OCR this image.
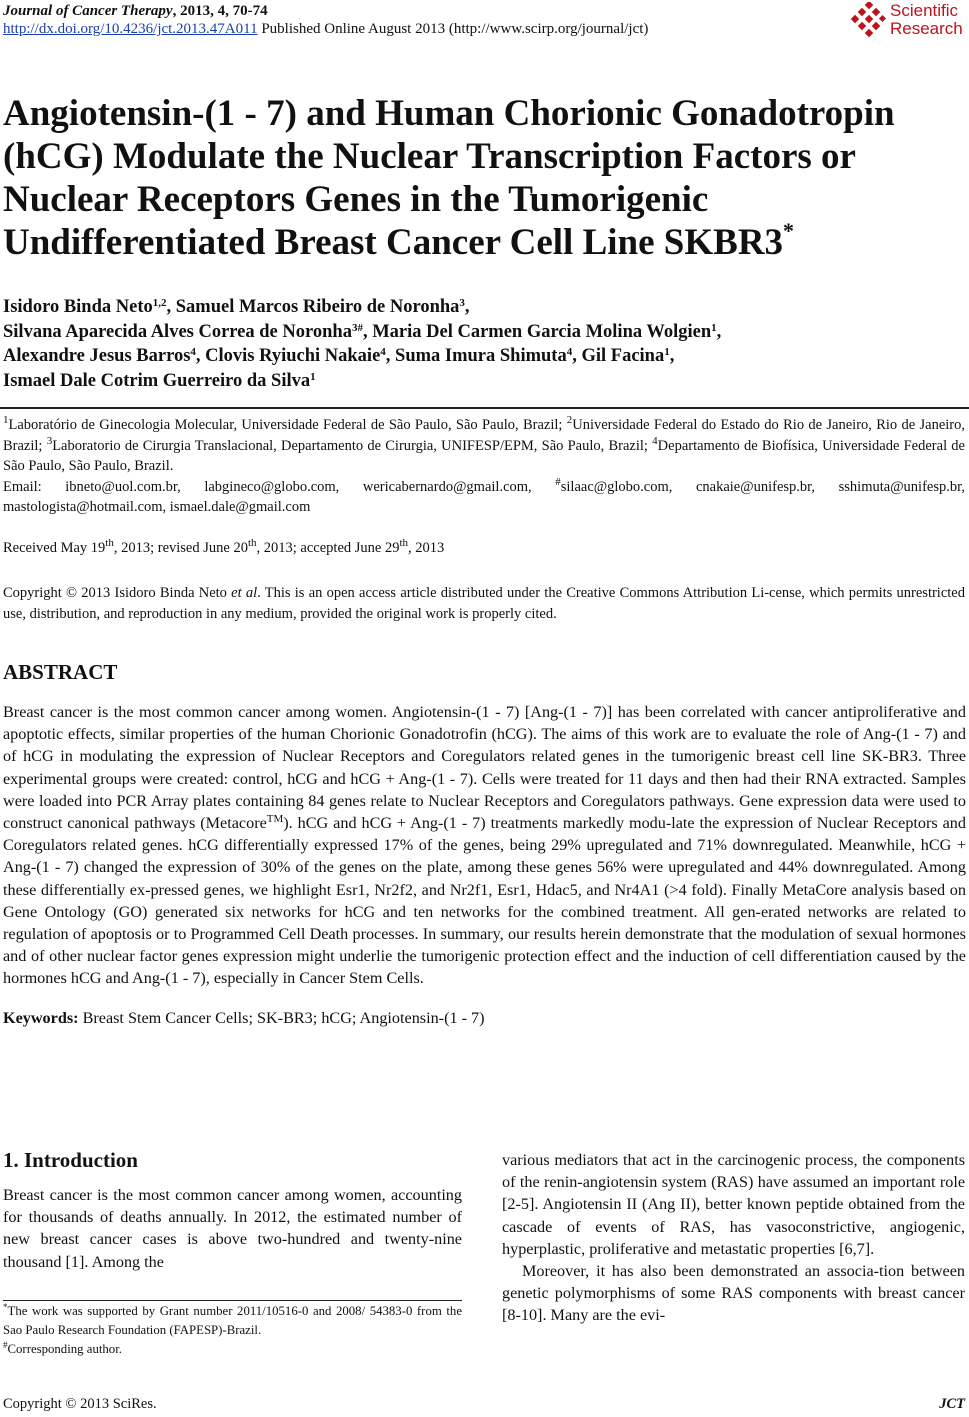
Journal of Cancer Therapy, 2013, 4, 70-74
http://dx.doi.org/10.4236/jct.2013.47A011 Published Online August 2013 (http://www.scirp.org/journal/jct)
Scientific
Research
Angiotensin-(1 - 7) and Human Chorionic Gonadotropin (hCG) Modulate the Nuclear Transcription Factors or Nuclear Receptors Genes in the Tumorigenic Undifferentiated Breast Cancer Cell Line SKBR3*
Isidoro Binda Neto$^{1,2}$, Samuel Marcos Ribeiro de Noronha$^3$,
Silvana Aparecida Alves Correa de Noronha$^{3\#}$, Maria Del Carmen Garcia Molina Wolgien$^1$,
Alexandre Jesus Barros$^4$, Clovis Ryiuchi Nakaie$^4$, Suma Imura Shimuta$^4$, Gil Facina$^1$,
Ismael Dale Cotrim Guerreiro da Silva$^1$
$^1$Laboratório de Ginecologia Molecular, Universidade Federal de São Paulo, São Paulo, Brazil; $^2$Universidade Federal do Estado do Rio de Janeiro, Rio de Janeiro, Brazil; $^3$Laboratorio de Cirurgia Translacional, Departamento de Cirurgia, UNIFESP/EPM, São Paulo, Brazil; $^4$Departamento de Biofísica, Universidade Federal de São Paulo, São Paulo, Brazil.
Email: ibneto@uol.com.br, labgineco@globo.com, wericabernardo@gmail.com, #silaac@globo.com, cnakaie@unifesp.br, sshimuta@unifesp.br, mastologista@hotmail.com, ismael.dale@gmail.com
Received May 19th, 2013; revised June 20th, 2013; accepted June 29th, 2013
Copyright © 2013 Isidoro Binda Neto et al. This is an open access article distributed under the Creative Commons Attribution Li-cense, which permits unrestricted use, distribution, and reproduction in any medium, provided the original work is properly cited.
ABSTRACT
Breast cancer is the most common cancer among women. Angiotensin-(1 - 7) [Ang-(1 - 7)] has been correlated with cancer antiproliferative and apoptotic effects, similar properties of the human Chorionic Gonadotrofin (hCG). The aims of this work are to evaluate the role of Ang-(1 - 7) and of hCG in modulating the expression of Nuclear Receptors and Coregulators related genes in the tumorigenic breast cell line SK-BR3. Three experimental groups were created: control, hCG and hCG + Ang-(1 - 7). Cells were treated for 11 days and then had their RNA extracted. Samples were loaded into PCR Array plates containing 84 genes relate to Nuclear Receptors and Coregulators pathways. Gene expression data were used to construct canonical pathways (Metacore™). hCG and hCG + Ang-(1 - 7) treatments markedly modu-late the expression of Nuclear Receptors and Coregulators related genes. hCG differentially expressed 17% of the genes, being 29% upregulated and 71% downregulated. Meanwhile, hCG + Ang-(1 - 7) changed the expression of 30% of the genes on the plate, among these genes 56% were upregulated and 44% downregulated. Among these differentially ex-pressed genes, we highlight Esr1, Nr2f2, and Nr2f1, Esr1, Hdac5, and Nr4A1 (>4 fold). Finally MetaCore analysis based on Gene Ontology (GO) generated six networks for hCG and ten networks for the combined treatment. All gen-erated networks are related to regulation of apoptosis or to Programmed Cell Death processes. In summary, our results herein demonstrate that the modulation of sexual hormones and of other nuclear factor genes expression might underlie the tumorigenic protection effect and the induction of cell differentiation caused by the hormones hCG and Ang-(1 - 7), especially in Cancer Stem Cells.
Keywords: Breast Stem Cancer Cells; SK-BR3; hCG; Angiotensin-(1 - 7)
1. Introduction
Breast cancer is the most common cancer among women, accounting for thousands of deaths annually. In 2012, the estimated number of new breast cancer cases is above two-hundred and twenty-nine thousand [1]. Among the

various mediators that act in the carcinogenic process, the components of the renin-angiotensin system (RAS) have assumed an important role [2-5]. Angiotensin II (Ang II), better known peptide obtained from the cascade of events of RAS, has vasoconstrictive, angiogenic, hyperplastic, proliferative and metastatic properties [6,7].

Moreover, it has also been demonstrated an associa-tion between genetic polymorphisms of some RAS components with breast cancer [8-10]. Many are the evi-

*The work was supported by Grant number 2011/10516-0 and 2008/ 54383-0 from the Sao Paulo Research Foundation (FAPESP)-Brazil.
#Corresponding author.
Copyright © 2013 SciRes.	JCT
